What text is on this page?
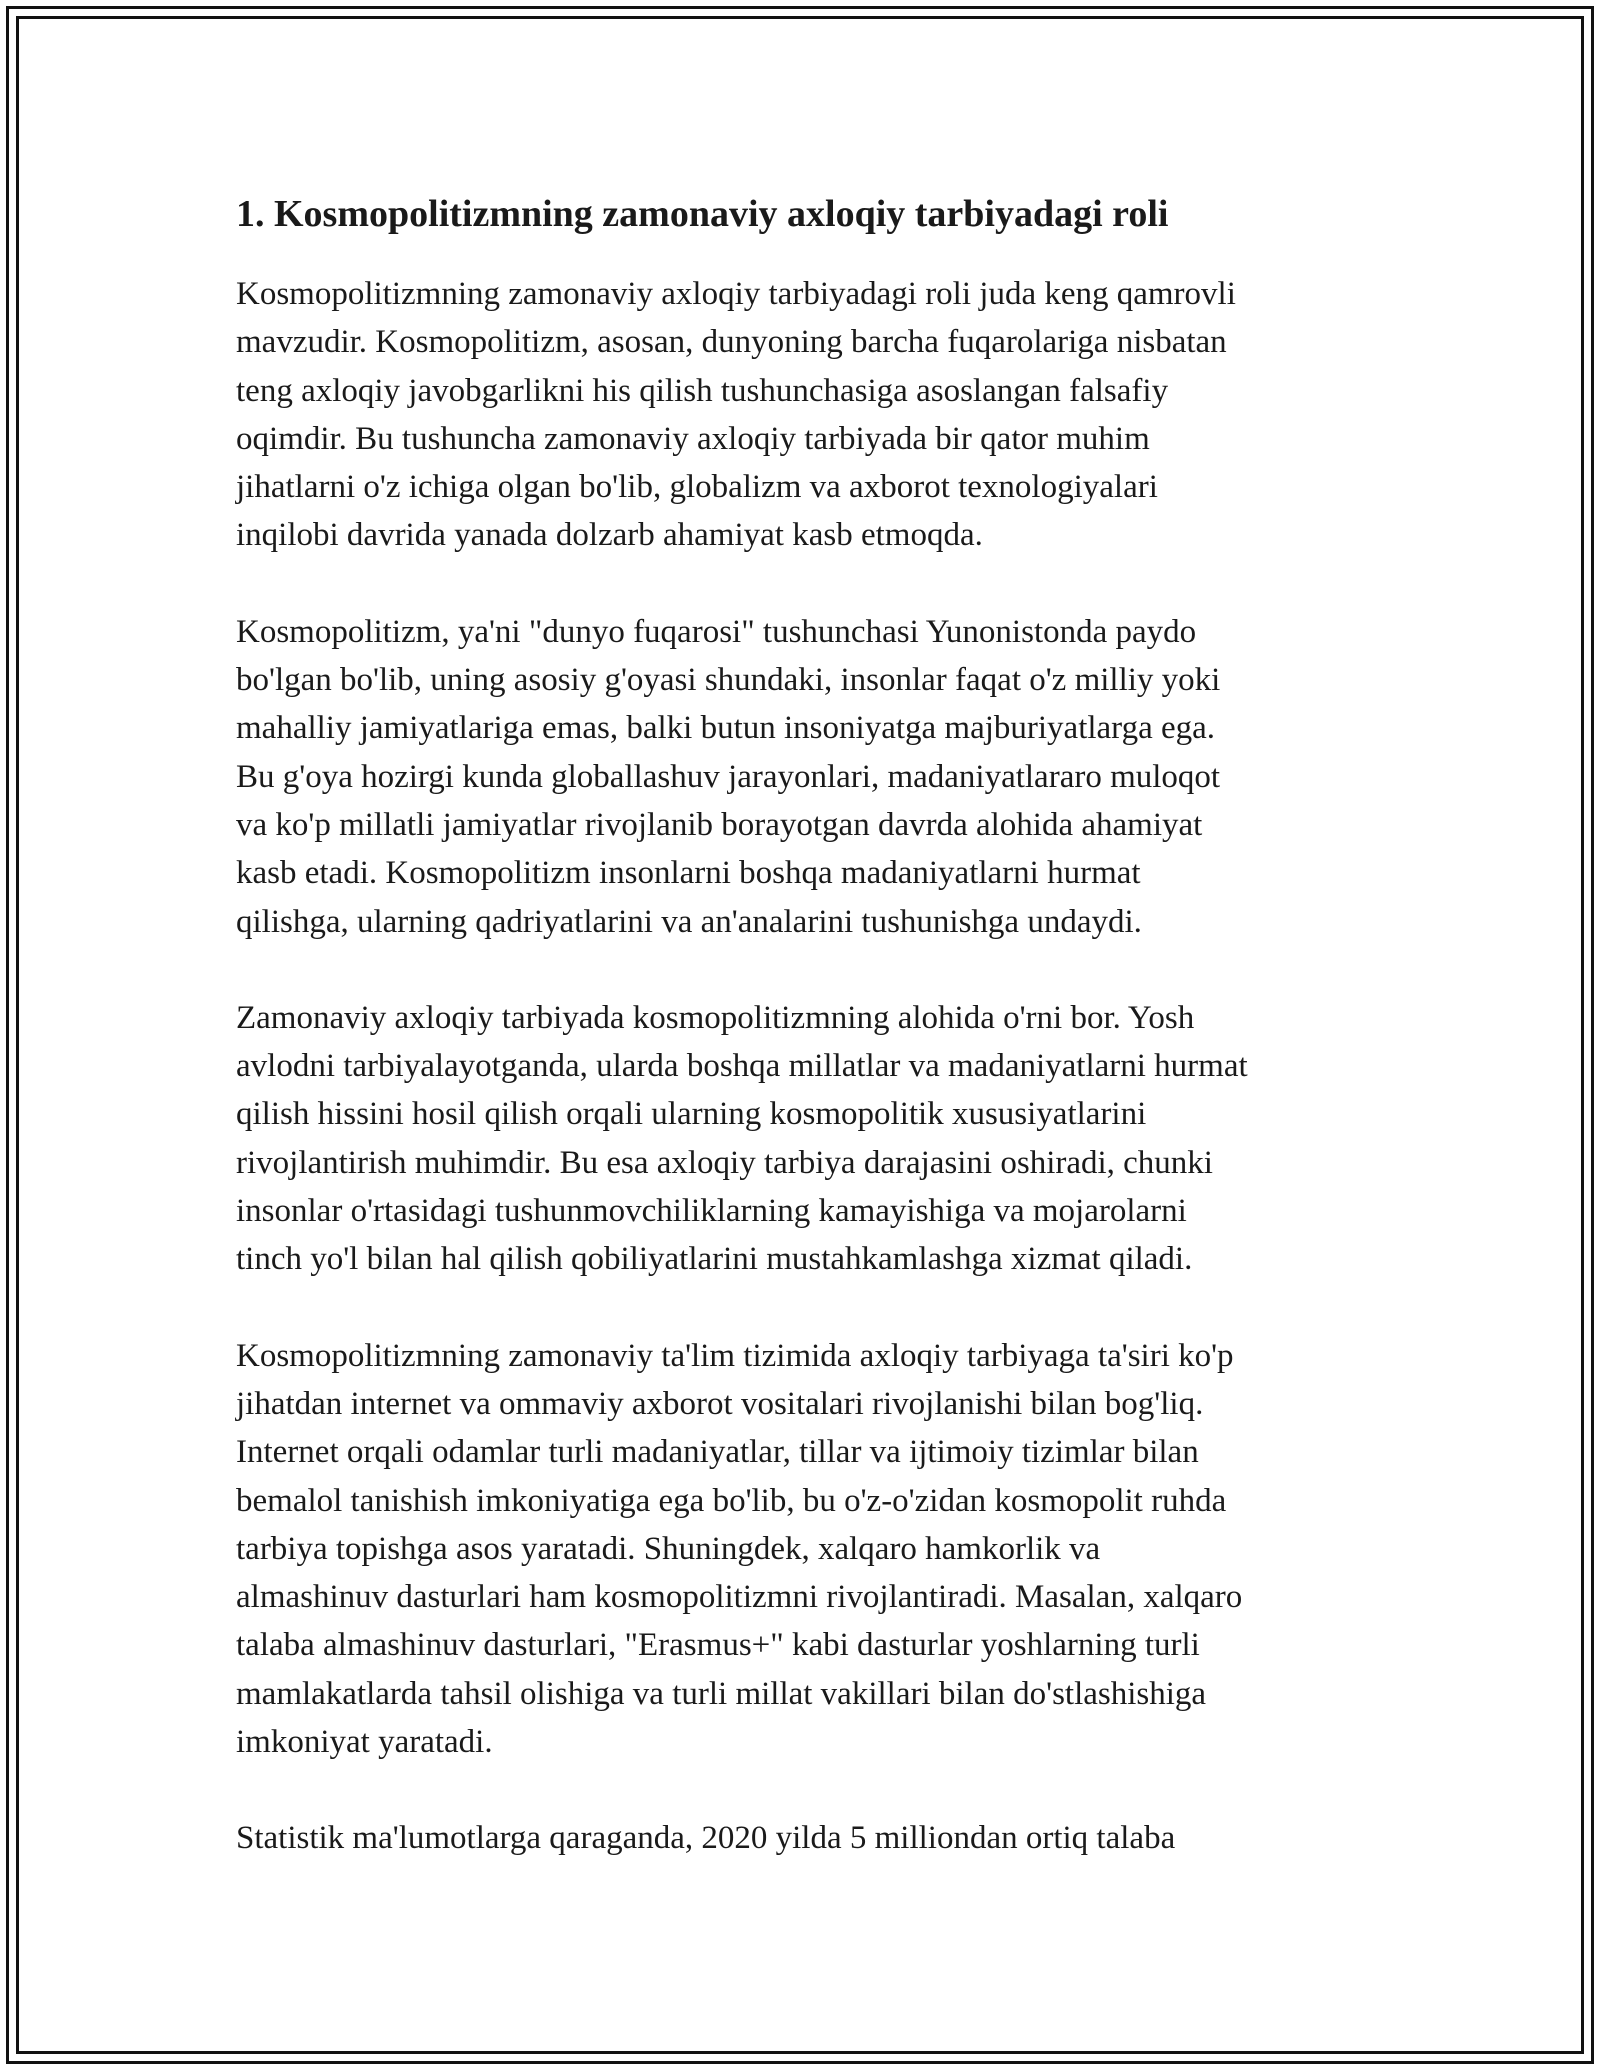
1. Kosmopolitizmning zamonaviy axloqiy tarbiyadagi roli

Kosmopolitizmning zamonaviy axloqiy tarbiyadagi roli juda keng qamrovli
mavzudir. Kosmopolitizm, asosan, dunyoning barcha fuqarolariga nisbatan
teng axloqiy javobgarlikni his qilish tushunchasiga asoslangan falsafiy
oqimdir. Bu tushuncha zamonaviy axloqiy tarbiyada bir qator muhim
jihatlarni o'z ichiga olgan bo'lib, globalizm va axborot texnologiyalari
inqilobi davrida yanada dolzarb ahamiyat kasb etmoqda.

Kosmopolitizm, ya'ni "dunyo fuqarosi" tushunchasi Yunonistonda paydo
bo'lgan bo'lib, uning asosiy g'oyasi shundaki, insonlar faqat o'z milliy yoki
mahalliy jamiyatlariga emas, balki butun insoniyatga majburiyatlarga ega.
Bu g'oya hozirgi kunda globallashuv jarayonlari, madaniyatlararo muloqot
va ko'p millatli jamiyatlar rivojlanib borayotgan davrda alohida ahamiyat
kasb etadi. Kosmopolitizm insonlarni boshqa madaniyatlarni hurmat
qilishga, ularning qadriyatlarini va an'analarini tushunishga undaydi.

Zamonaviy axloqiy tarbiyada kosmopolitizmning alohida o'rni bor. Yosh
avlodni tarbiyalayotganda, ularda boshqa millatlar va madaniyatlarni hurmat
qilish hissini hosil qilish orqali ularning kosmopolitik xususiyatlarini
rivojlantirish muhimdir. Bu esa axloqiy tarbiya darajasini oshiradi, chunki
insonlar o'rtasidagi tushunmovchiliklarning kamayishiga va mojarolarni
tinch yo'l bilan hal qilish qobiliyatlarini mustahkamlashga xizmat qiladi.

Kosmopolitizmning zamonaviy ta'lim tizimida axloqiy tarbiyaga ta'siri ko'p
jihatdan internet va ommaviy axborot vositalari rivojlanishi bilan bog'liq.
Internet orqali odamlar turli madaniyatlar, tillar va ijtimoiy tizimlar bilan
bemalol tanishish imkoniyatiga ega bo'lib, bu o'z-o'zidan kosmopolit ruhda
tarbiya topishga asos yaratadi. Shuningdek, xalqaro hamkorlik va
almashinuv dasturlari ham kosmopolitizmni rivojlantiradi. Masalan, xalqaro
talaba almashinuv dasturlari, "Erasmus+" kabi dasturlar yoshlarning turli
mamlakatlarda tahsil olishiga va turli millat vakillari bilan do'stlashishiga
imkoniyat yaratadi.

Statistik ma'lumotlarga qaraganda, 2020 yilda 5 milliondan ortiq talaba
